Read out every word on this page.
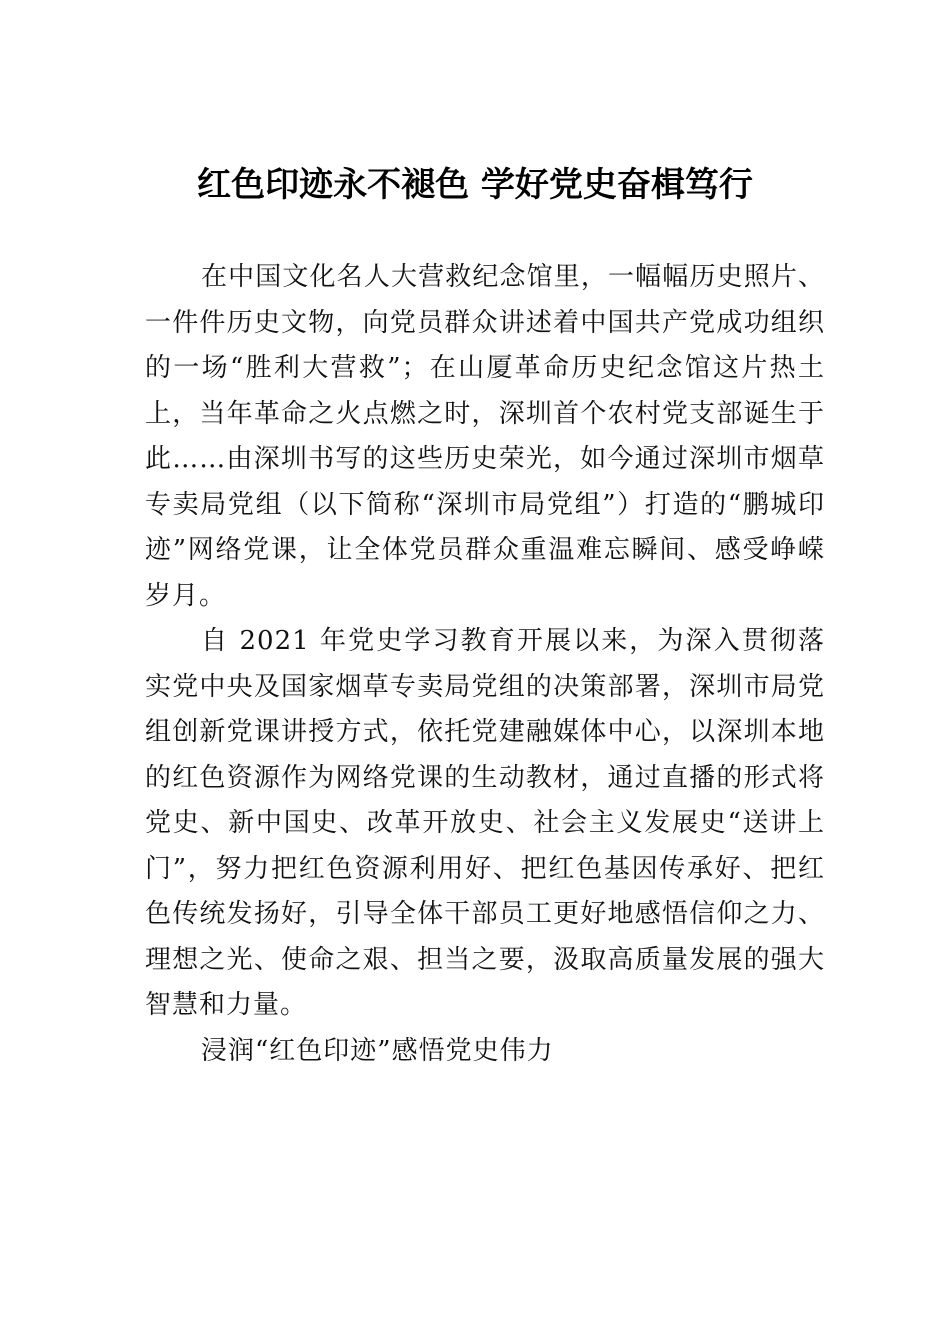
红色印迹永不褪色 学好党史奋楫笃行

在中国文化名人大营救纪念馆里，一幅幅历史照片、一件件历史文物，向党员群众讲述着中国共产党成功组织的一场“胜利大营救”；在山厦革命历史纪念馆这片热土上，当年革命之火点燃之时，深圳首个农村党支部诞生于此……由深圳书写的这些历史荣光，如今通过深圳市烟草专卖局党组（以下简称“深圳市局党组”）打造的“鹏城印迹”网络党课，让全体党员群众重温难忘瞬间、感受峥嵘岁月。

自 2021 年党史学习教育开展以来，为深入贯彻落实党中央及国家烟草专卖局党组的决策部署，深圳市局党组创新党课讲授方式，依托党建融媒体中心，以深圳本地的红色资源作为网络党课的生动教材，通过直播的形式将党史、新中国史、改革开放史、社会主义发展史“送讲上门”，努力把红色资源利用好、把红色基因传承好、把红色传统发扬好，引导全体干部员工更好地感悟信仰之力、理想之光、使命之艰、担当之要，汲取高质量发展的强大智慧和力量。

浸润“红色印迹”感悟党史伟力
